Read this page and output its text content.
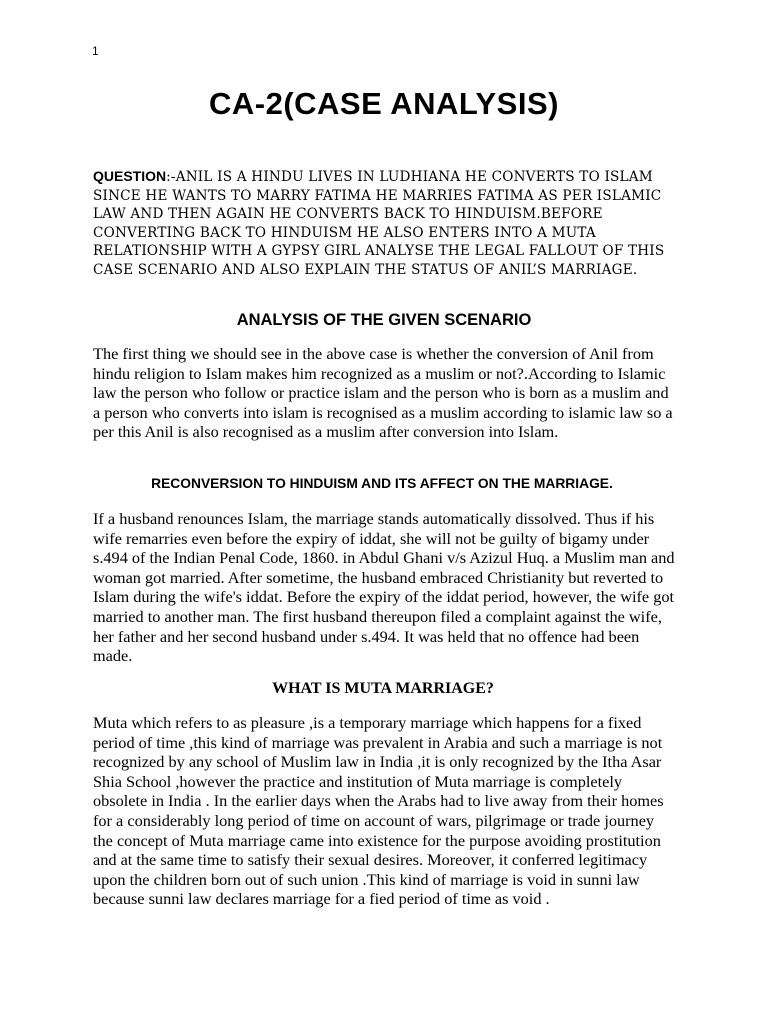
1
CA-2(CASE ANALYSIS)
QUESTION:-ANIL IS A HINDU LIVES IN LUDHIANA HE CONVERTS TO ISLAM SINCE HE WANTS TO MARRY FATIMA HE MARRIES FATIMA AS PER ISLAMIC LAW AND THEN AGAIN HE CONVERTS BACK TO HINDUISM.BEFORE CONVERTING BACK TO HINDUISM HE ALSO ENTERS INTO A MUTA RELATIONSHIP WITH A GYPSY GIRL ANALYSE THE LEGAL FALLOUT OF THIS CASE SCENARIO AND ALSO EXPLAIN THE STATUS OF ANIL’S MARRIAGE.
ANALYSIS OF THE GIVEN SCENARIO
The first thing we should see in the above case is whether the conversion of Anil from hindu religion to Islam makes him recognized as a muslim or not?.According to Islamic law the person who follow or practice islam and the person who is born as a muslim and a person who converts into islam is recognised as a muslim according to islamic law so a per this Anil is also recognised as a muslim after conversion into Islam.
RECONVERSION TO HINDUISM AND ITS AFFECT ON THE MARRIAGE.
If a husband renounces Islam, the marriage stands automatically dissolved. Thus if his wife remarries even before the expiry of iddat, she will not be guilty of bigamy under s.494 of the Indian Penal Code, 1860. in Abdul Ghani v/s Azizul Huq. a Muslim man and woman got married. After sometime, the husband embraced Christianity but reverted to Islam during the wife's iddat. Before the expiry of the iddat period, however, the wife got married to another man. The first husband thereupon filed a complaint against the wife, her father and her second husband under s.494. It was held that no offence had been made.
WHAT IS MUTA MARRIAGE?
Muta which refers to as pleasure ,is a temporary marriage which happens for a fixed period of time ,this kind of marriage was prevalent in Arabia and such a marriage is not recognized by any school of Muslim law in India ,it is only recognized by the Itha Asar Shia School ,however the practice and institution of Muta marriage is completely obsolete in India . In the earlier days when the Arabs had to live away from their homes for a considerably long period of time on account of wars, pilgrimage or trade journey the concept of Muta marriage came into existence for the purpose avoiding prostitution and at the same time to satisfy their sexual desires. Moreover, it conferred legitimacy upon the children born out of such union .This kind of marriage is void in sunni law because sunni law declares marriage for a fied period of time as void .
